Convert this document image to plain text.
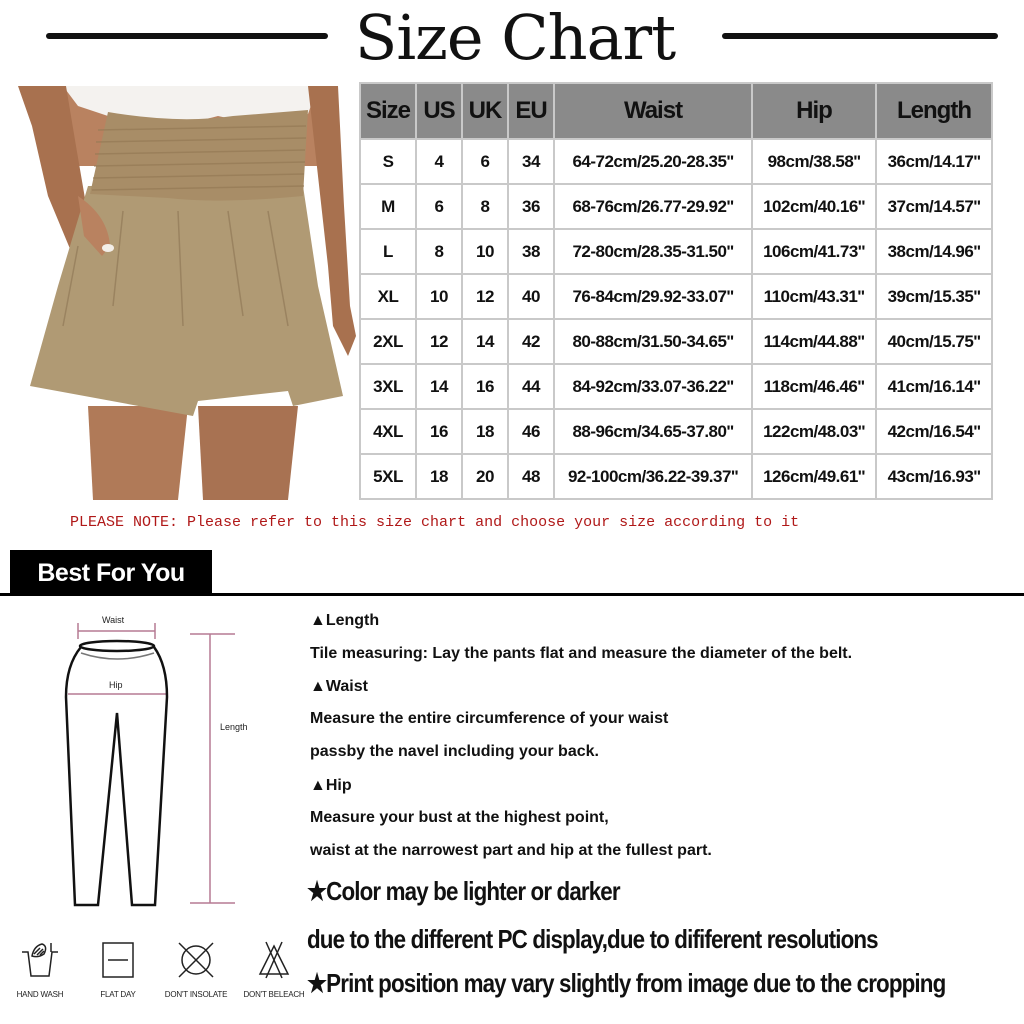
Size Chart
Size	US	UK	EU	Waist	Hip	Length
S	4	6	34	64-72cm/25.20-28.35''	98cm/38.58''	36cm/14.17''
M	6	8	36	68-76cm/26.77-29.92''	102cm/40.16''	37cm/14.57''
L	8	10	38	72-80cm/28.35-31.50''	106cm/41.73''	38cm/14.96''
XL	10	12	40	76-84cm/29.92-33.07''	110cm/43.31''	39cm/15.35''
2XL	12	14	42	80-88cm/31.50-34.65''	114cm/44.88''	40cm/15.75''
3XL	14	16	44	84-92cm/33.07-36.22''	118cm/46.46''	41cm/16.14''
4XL	16	18	46	88-96cm/34.65-37.80''	122cm/48.03''	42cm/16.54''
5XL	18	20	48	92-100cm/36.22-39.37''	126cm/49.61''	43cm/16.93''
PLEASE NOTE: Please refer to this size chart and choose your size according to it
Best For You
Waist
Hip
Length
▲Length
Tile measuring: Lay the pants flat and measure the diameter of the belt.
▲Waist
Measure the entire circumference of your waist
passby the navel including your back.
▲Hip
Measure your bust at the highest point,
waist at the narrowest part and hip at the fullest part.
★Color may be lighter or darker
due to the different PC display,due to dififerent resolutions
★Print position may vary slightly from image due to the cropping
HAND WASH	FLAT DAY	DON'T INSOLATE	DON'T BELEACH
